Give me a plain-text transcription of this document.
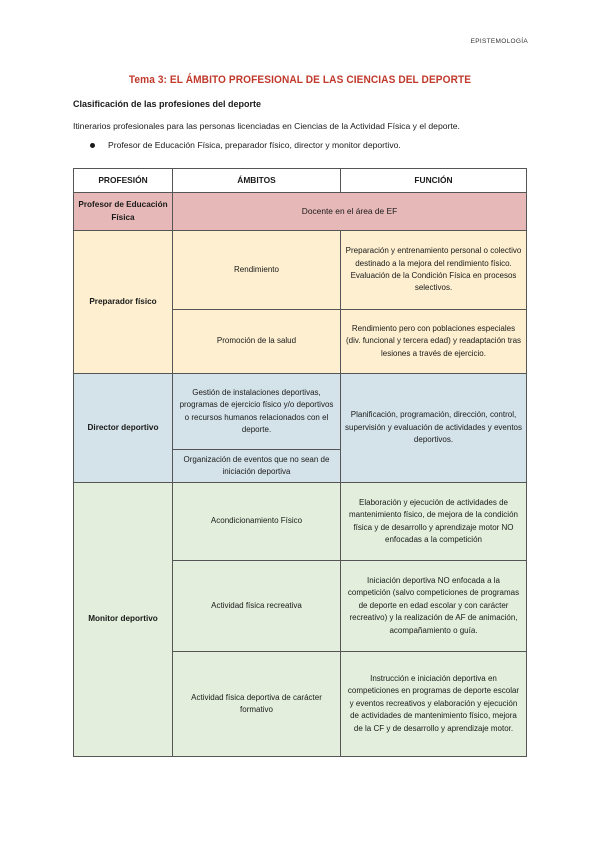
EPISTEMOLOGÍA
Tema 3: EL ÁMBITO PROFESIONAL DE LAS CIENCIAS DEL DEPORTE
Clasificación de las profesiones del deporte
Itinerarios profesionales para las personas licenciadas en Ciencias de la Actividad Física y el deporte.
Profesor de Educación Física, preparador físico, director y monitor deportivo.
PROFESIÓN	ÁMBITOS	FUNCIÓN
Profesor de Educación Física	Docente en el área de EF	
Preparador físico	Rendimiento	Preparación y entrenamiento personal o colectivo destinado a la mejora del rendimiento físico. Evaluación de la Condición Física en procesos selectivos.
	Promoción de la salud	Rendimiento pero con poblaciones especiales (div. funcional y tercera edad) y readaptación tras lesiones a través de ejercicio.
Director deportivo	Gestión de instalaciones deportivas, programas de ejercicio físico y/o deportivos o recursos humanos relacionados con el deporte.	Planificación, programación, dirección, control, supervisión y evaluación de actividades y eventos deportivos.
	Organización de eventos que no sean de iniciación deportiva	
Monitor deportivo	Acondicionamiento Físico	Elaboración y ejecución de actividades de mantenimiento físico, de mejora de la condición física y de desarrollo y aprendizaje motor NO enfocadas a la competición
	Actividad física recreativa	Iniciación deportiva NO enfocada a la competición (salvo competiciones de programas de deporte en edad escolar y con carácter recreativo) y la realización de AF de animación, acompañamiento o guía.
	Actividad física deportiva de carácter formativo	Instrucción e iniciación deportiva en competiciones en programas de deporte escolar y eventos recreativos y elaboración y ejecución de actividades de mantenimiento físico, mejora de la CF y de desarrollo y aprendizaje motor.
